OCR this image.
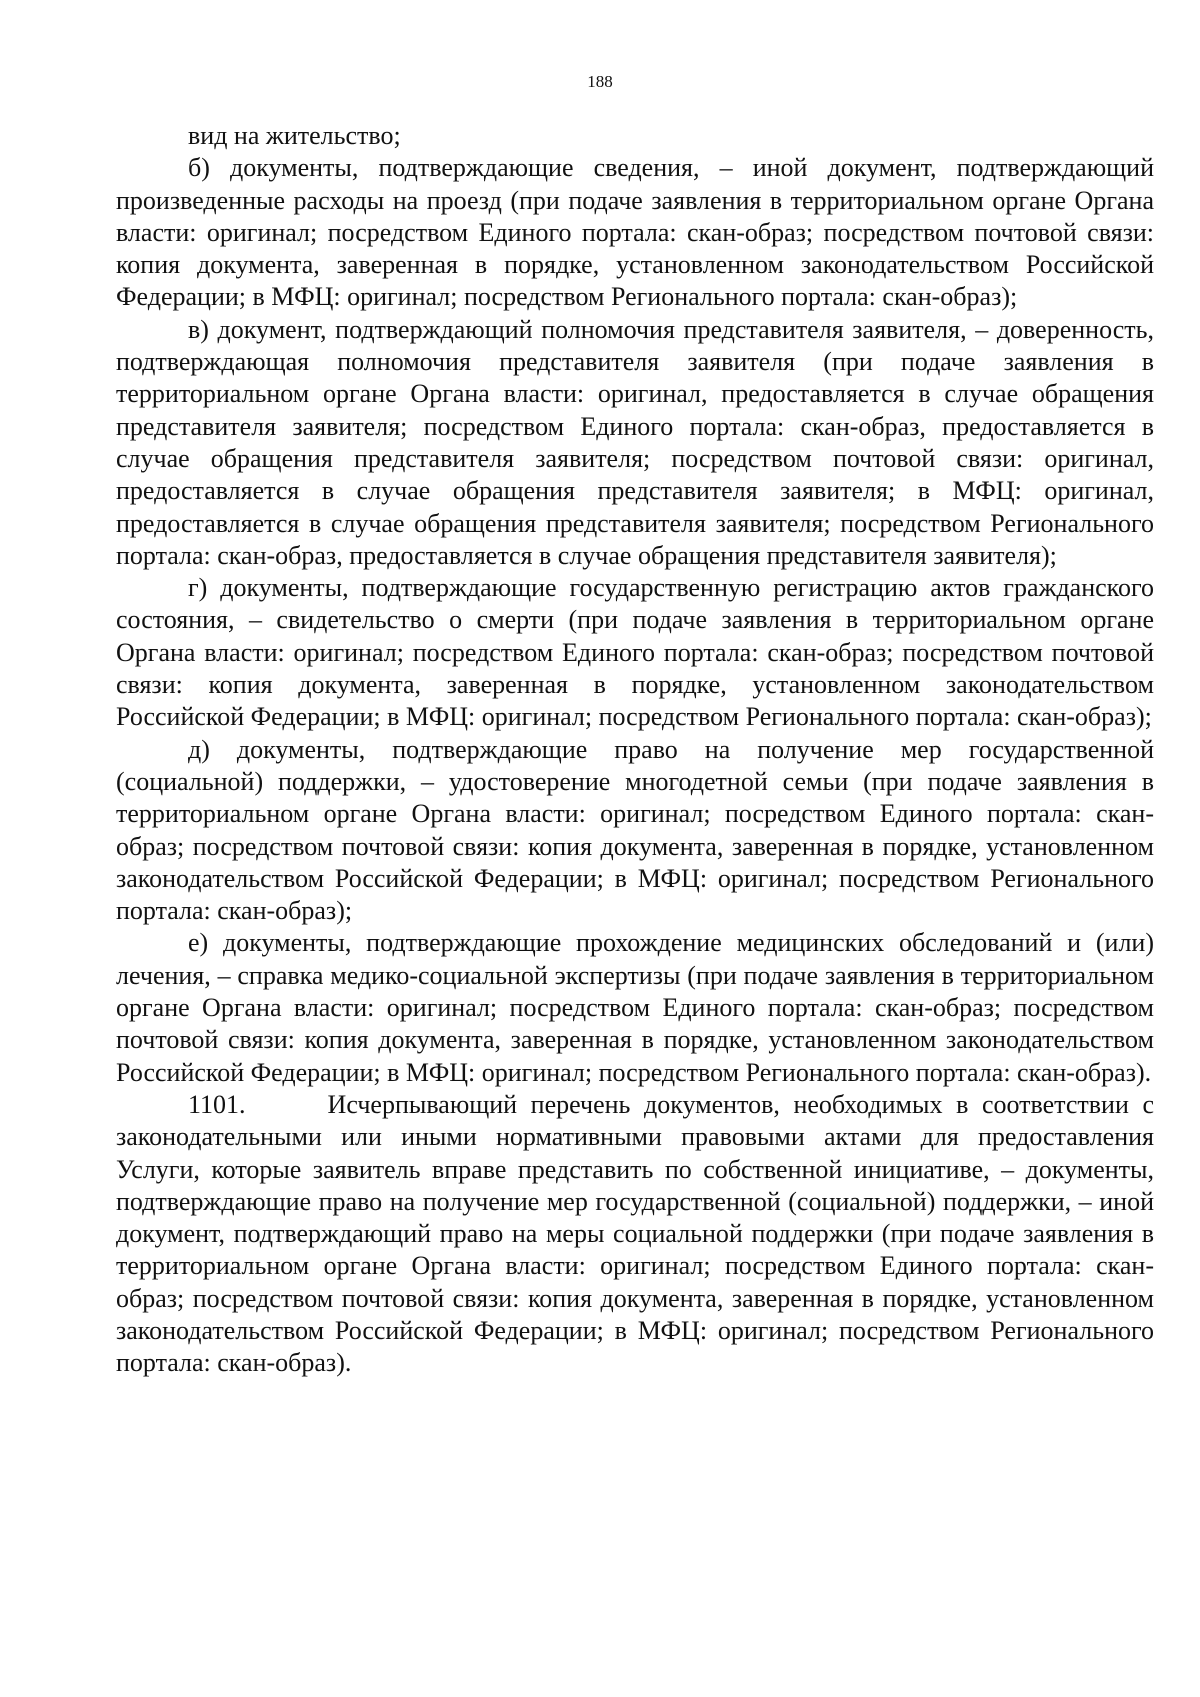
188

вид на жительство;

б) документы, подтверждающие сведения, – иной документ, подтверждающий произведенные расходы на проезд (при подаче заявления в территориальном органе Органа власти: оригинал; посредством Единого портала: скан-образ; посредством почтовой связи: копия документа, заверенная в порядке, установленном законодательством Российской Федерации; в МФЦ: оригинал; посредством Регионального портала: скан-образ);

в) документ, подтверждающий полномочия представителя заявителя, – доверенность, подтверждающая полномочия представителя заявителя (при подаче заявления в территориальном органе Органа власти: оригинал, предоставляется в случае обращения представителя заявителя; посредством Единого портала: скан-образ, предоставляется в случае обращения представителя заявителя; посредством почтовой связи: оригинал, предоставляется в случае обращения представителя заявителя; в МФЦ: оригинал, предоставляется в случае обращения представителя заявителя; посредством Регионального портала: скан-образ, предоставляется в случае обращения представителя заявителя);

г) документы, подтверждающие государственную регистрацию актов гражданского состояния, – свидетельство о смерти (при подаче заявления в территориальном органе Органа власти: оригинал; посредством Единого портала: скан-образ; посредством почтовой связи: копия документа, заверенная в порядке, установленном законодательством Российской Федерации; в МФЦ: оригинал; посредством Регионального портала: скан-образ);

д) документы, подтверждающие право на получение мер государственной (социальной) поддержки, – удостоверение многодетной семьи (при подаче заявления в территориальном органе Органа власти: оригинал; посредством Единого портала: скан-образ; посредством почтовой связи: копия документа, заверенная в порядке, установленном законодательством Российской Федерации; в МФЦ: оригинал; посредством Регионального портала: скан-образ);

е) документы, подтверждающие прохождение медицинских обследований и (или) лечения, – справка медико-социальной экспертизы (при подаче заявления в территориальном органе Органа власти: оригинал; посредством Единого портала: скан-образ; посредством почтовой связи: копия документа, заверенная в порядке, установленном законодательством Российской Федерации; в МФЦ: оригинал; посредством Регионального портала: скан-образ).

1101.	Исчерпывающий перечень документов, необходимых в соответствии с законодательными или иными нормативными правовыми актами для предоставления Услуги, которые заявитель вправе представить по собственной инициативе, – документы, подтверждающие право на получение мер государственной (социальной) поддержки, – иной документ, подтверждающий право на меры социальной поддержки (при подаче заявления в территориальном органе Органа власти: оригинал; посредством Единого портала: скан-образ; посредством почтовой связи: копия документа, заверенная в порядке, установленном законодательством Российской Федерации; в МФЦ: оригинал; посредством Регионального портала: скан-образ).
